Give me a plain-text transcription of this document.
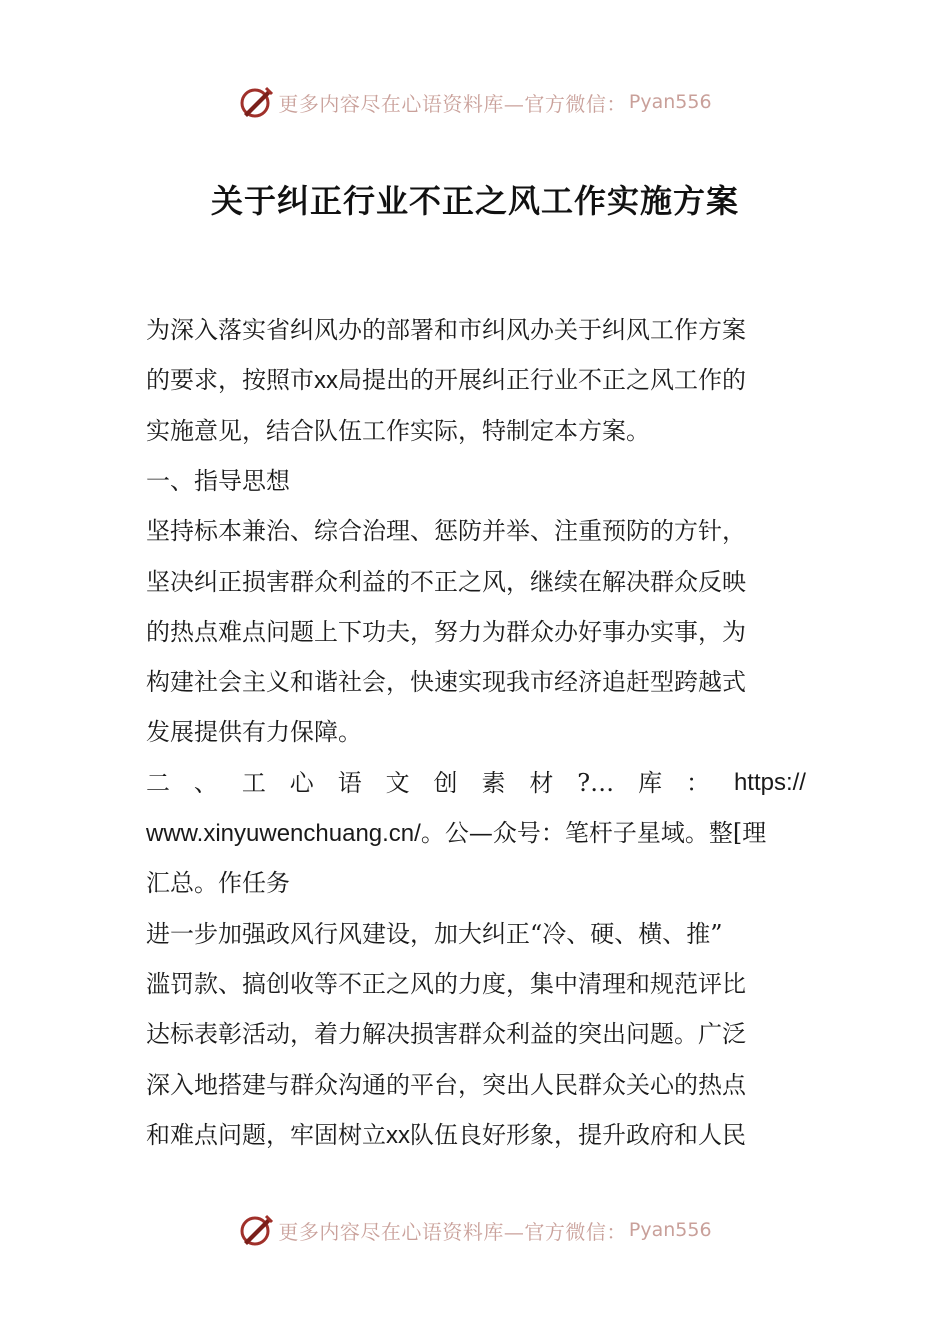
更多内容尽在心语资料库—官方微信： Pyan556
关于纠正行业不正之风工作实施方案
为深入落实省纠风办的部署和市纠风办关于纠风工作方案
的要求，按照市xx局提出的开展纠正行业不正之风工作的
实施意见，结合队伍工作实际，特制定本方案。
一、指导思想
坚持标本兼治、综合治理、惩防并举、注重预防的方针，
坚决纠正损害群众利益的不正之风，继续在解决群众反映
的热点难点问题上下功夫，努力为群众办好事办实事，为
构建社会主义和谐社会，快速实现我市经济追赶型跨越式
发展提供有力保障。
二 、 工 心 语 文 创 素 材 ?… 库 ： https://
www.xinyuwenchuang.cn/。公—众号：笔杆子星域。整[理
汇总。作任务
进一步加强政风行风建设，加大纠正“冷、硬、横、推”
滥罚款、搞创收等不正之风的力度，集中清理和规范评比
达标表彰活动，着力解决损害群众利益的突出问题。广泛
深入地搭建与群众沟通的平台，突出人民群众关心的热点
和难点问题，牢固树立xx队伍良好形象，提升政府和人民
更多内容尽在心语资料库—官方微信： Pyan556
